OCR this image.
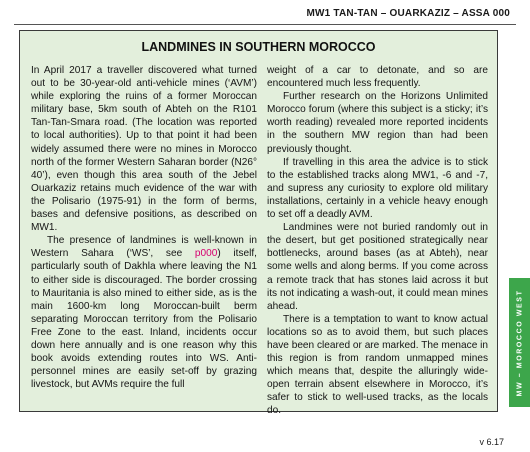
MW1 TAN-TAN – OUARKAZIZ – ASSA 000
LANDMINES IN SOUTHERN MOROCCO

In April 2017 a traveller discovered what turned out to be 30-year-old anti-vehicle mines (‘AVM’) while exploring the ruins of a former Moroccan military base, 5km south of Abteh on the R101 Tan-Tan-Smara road. (The location was reported to local authorities). Up to that point it had been widely assumed there were no mines in Morocco north of the former Western Saharan border (N26° 40’), even though this area south of the Jebel Ouarkaziz retains much evidence of the war with the Polisario (1975-91) in the form of berms, bases and defensive positions, as described on MW1.

The presence of landmines is well-known in Western Sahara (‘WS’, see p000) itself, particularly south of Dakhla where leaving the N1 to either side is discouraged. The border crossing to Mauritania is also mined to either side, as is the main 1600-km long Moroccan-built berm separating Moroccan territory from the Polisario Free Zone to the east. Inland, incidents occur down here annually and is one reason why this book avoids extending routes into WS. Anti-personnel mines are easily set-off by grazing livestock, but AVMs require the full

weight of a car to detonate, and so are encountered much less frequently.

Further research on the Horizons Unlimited Morocco forum (where this subject is a sticky; it’s worth reading) revealed more reported incidents in the southern MW region than had been previously thought.

If travelling in this area the advice is to stick to the established tracks along MW1, -6 and -7, and supress any curiosity to explore old military installations, certainly in a vehicle heavy enough to set off a deadly AVM.

Landmines were not buried randomly out in the desert, but get positioned strategically near bottlenecks, around bases (as at Abteh), near some wells and along berms. If you come across a remote track that has stones laid across it but its not indicating a wash-out, it could mean mines ahead.

There is a temptation to want to know actual locations so as to avoid them, but such places have been cleared or are marked. The menace in this region is from random unmapped mines which means that, despite the alluringly wide-open terrain absent elsewhere in Morocco, it’s safer to stick to well-used tracks, as the locals do.

MW – MOROCCO WEST
v 6.17
